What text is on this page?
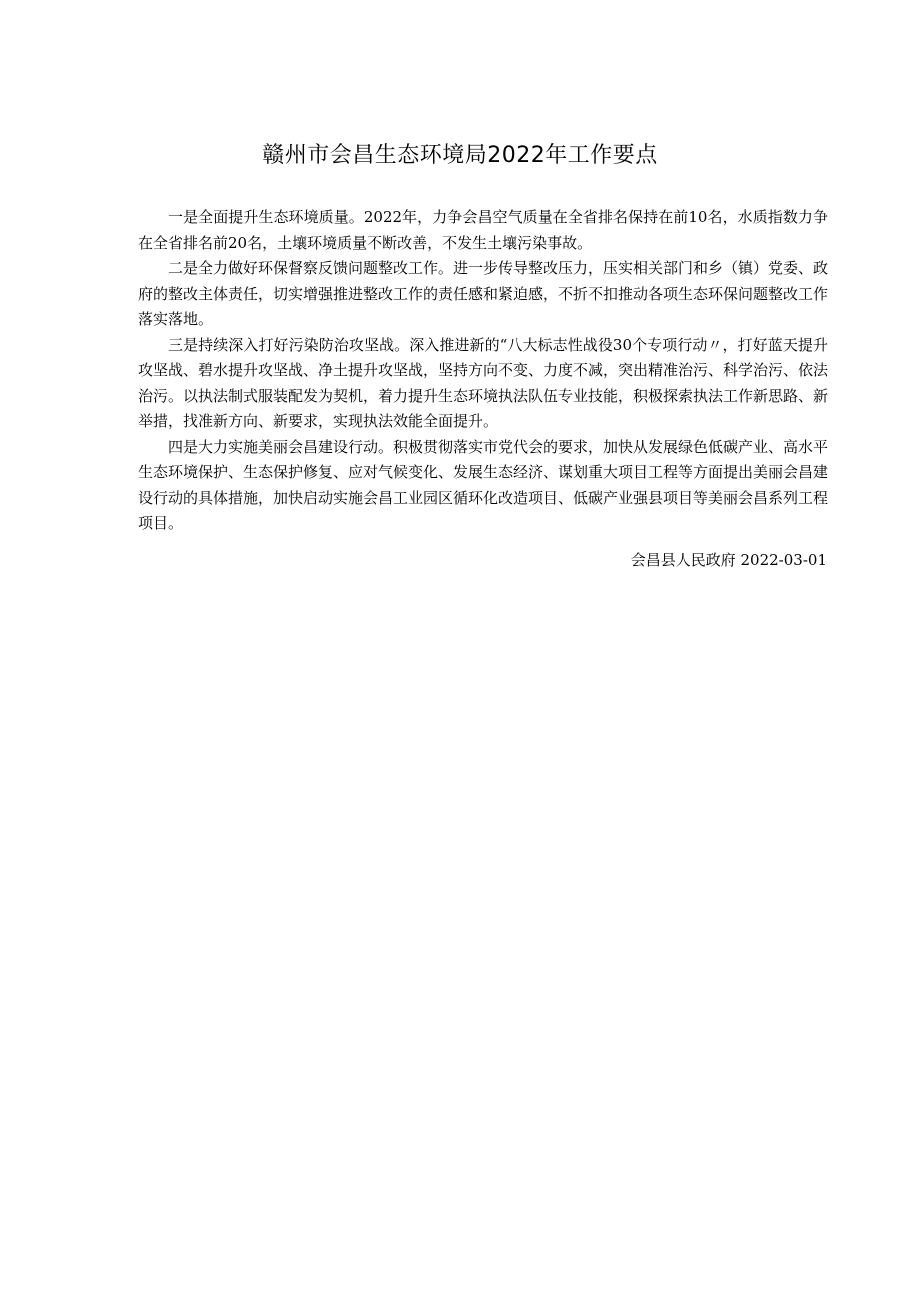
赣州市会昌生态环境局2022年工作要点

一是全面提升生态环境质量。2022年，力争会昌空气质量在全省排名保持在前10名，水质指数力争在全省排名前20名，土壤环境质量不断改善，不发生土壤污染事故。

二是全力做好环保督察反馈问题整改工作。进一步传导整改压力，压实相关部门和乡（镇）党委、政府的整改主体责任，切实增强推进整改工作的责任感和紧迫感，不折不扣推动各项生态环保问题整改工作落实落地。

三是持续深入打好污染防治攻坚战。深入推进新的“八大标志性战役30个专项行动〃，打好蓝天提升攻坚战、碧水提升攻坚战、净土提升攻坚战，坚持方向不变、力度不减，突出精准治污、科学治污、依法治污。以执法制式服装配发为契机，着力提升生态环境执法队伍专业技能，积极探索执法工作新思路、新举措，找准新方向、新要求，实现执法效能全面提升。

四是大力实施美丽会昌建设行动。积极贯彻落实市党代会的要求，加快从发展绿色低碳产业、高水平生态环境保护、生态保护修复、应对气候变化、发展生态经济、谋划重大项目工程等方面提出美丽会昌建设行动的具体措施，加快启动实施会昌工业园区循环化改造项目、低碳产业强县项目等美丽会昌系列工程项目。

会昌县人民政府 2022-03-01
